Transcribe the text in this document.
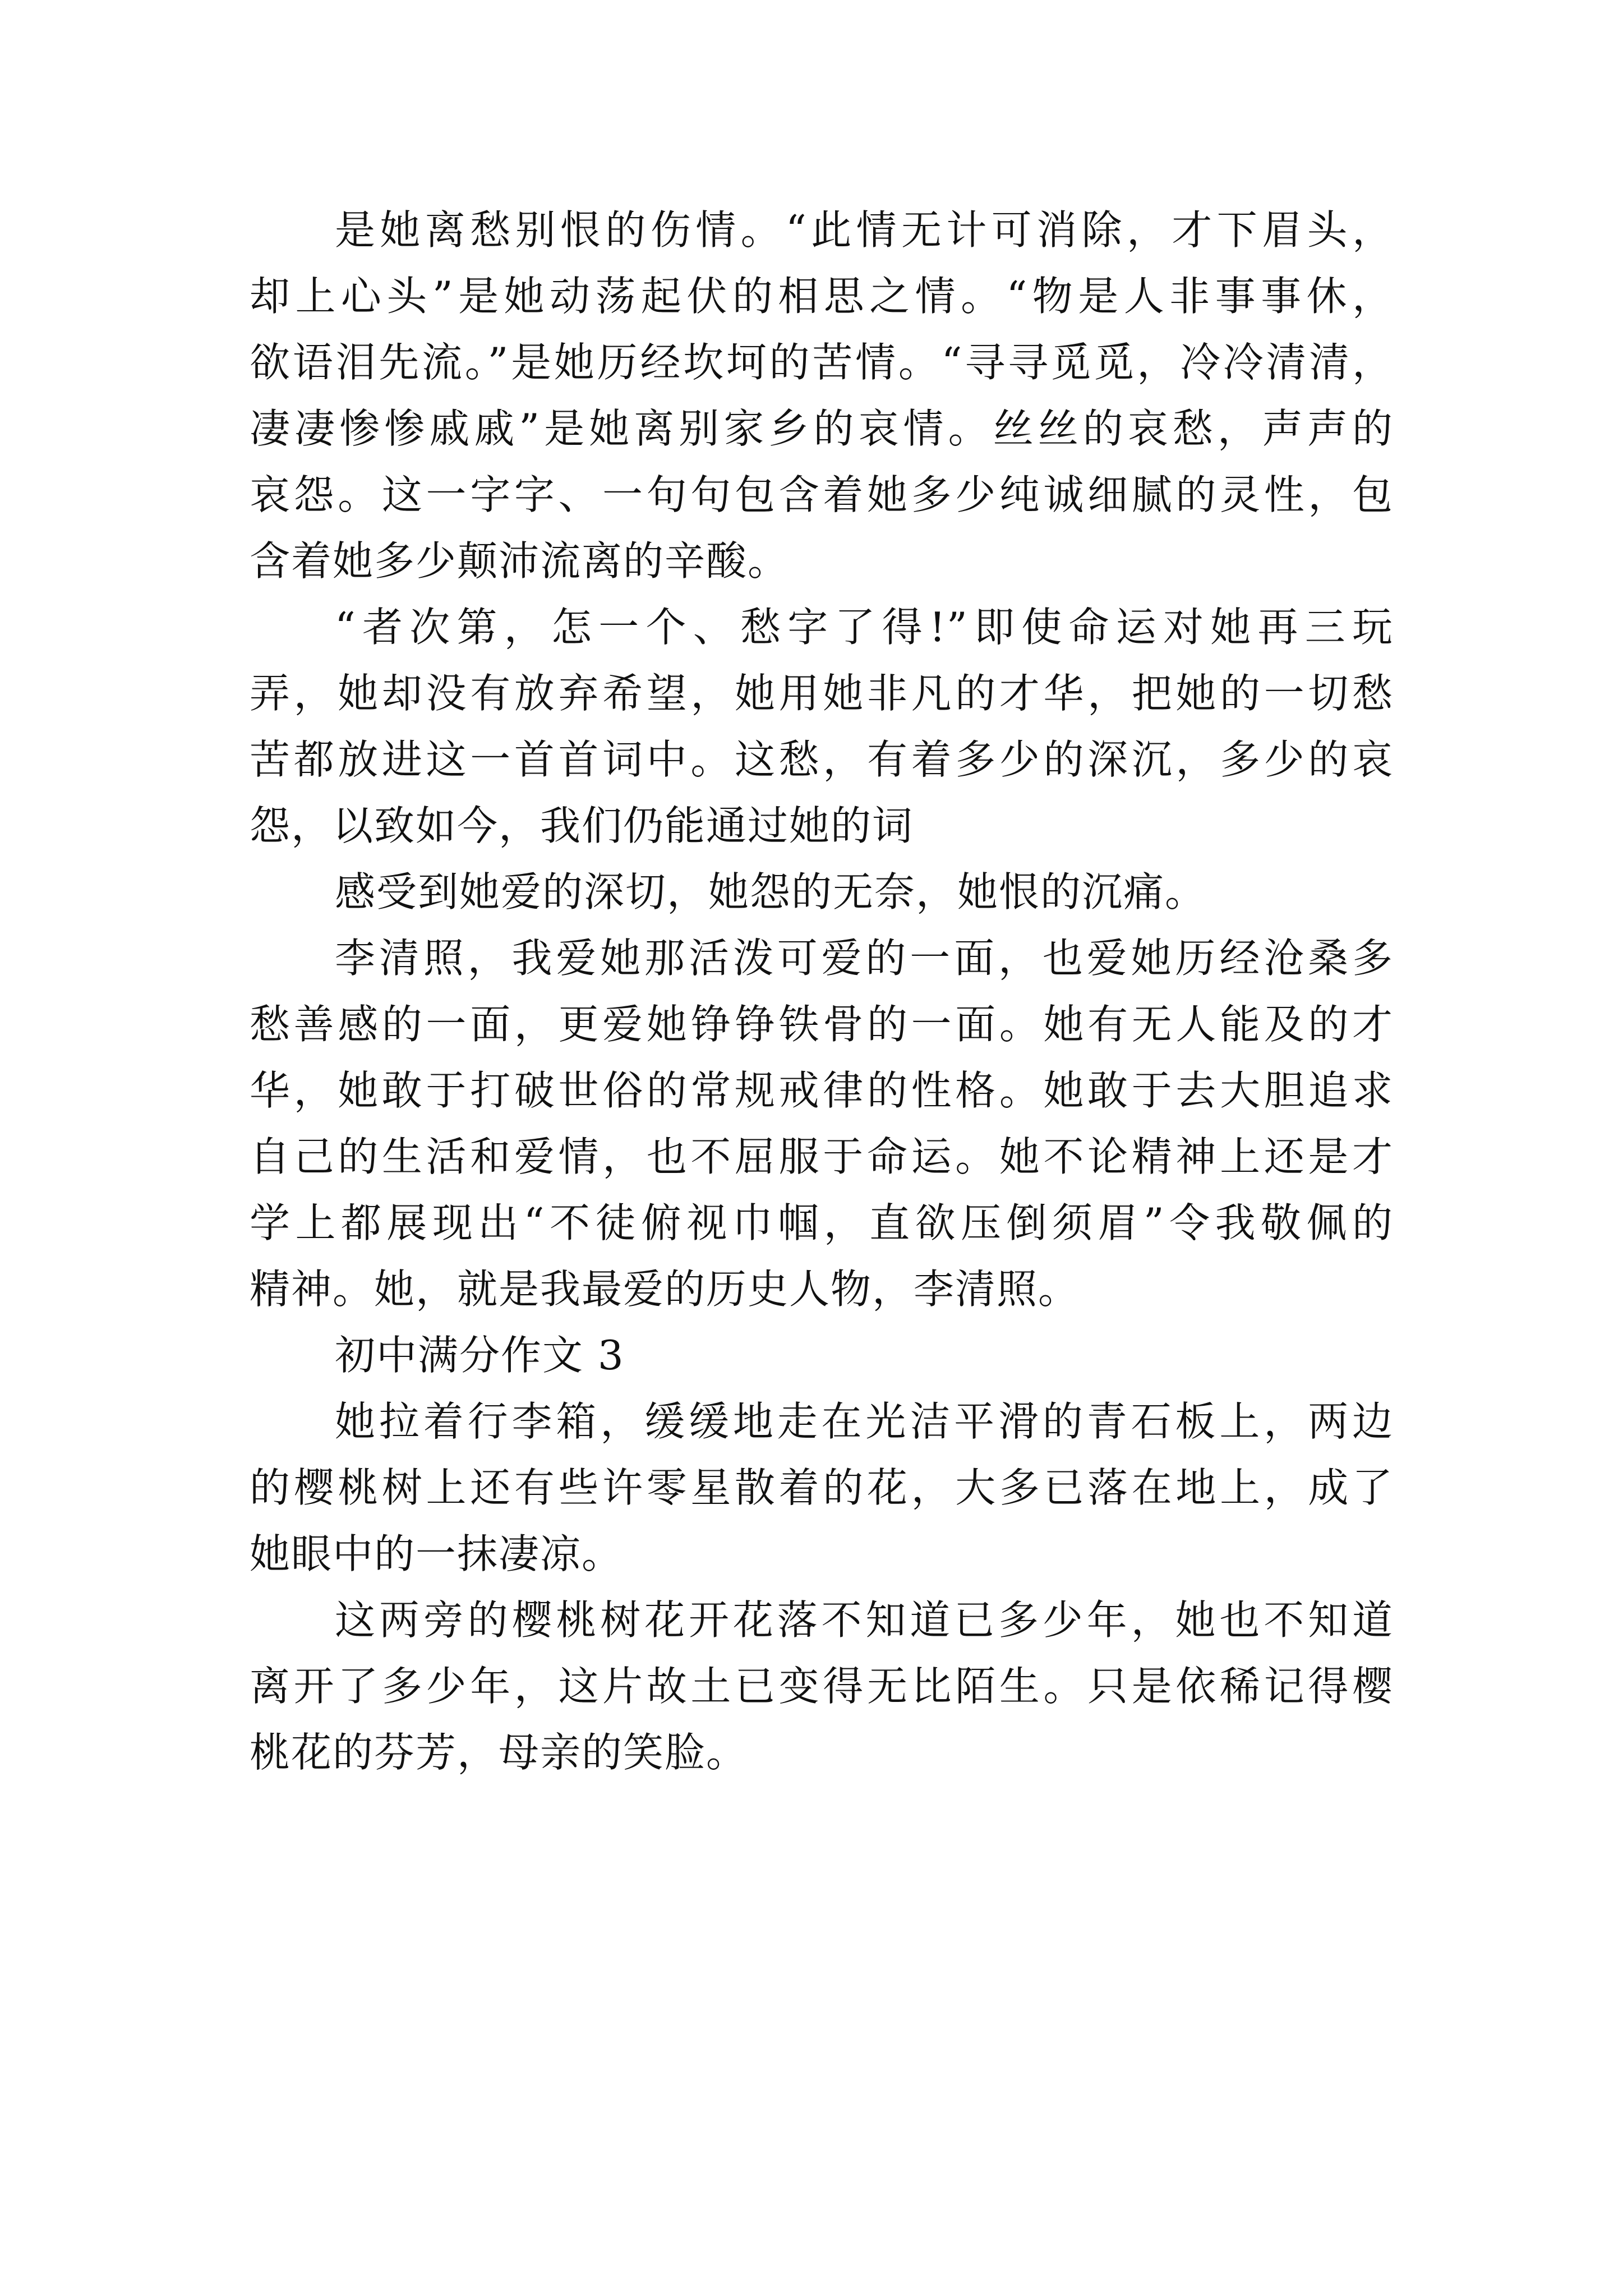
是她离愁别恨的伤情。“此情无计可消除，才下眉头，
却上心头”是她动荡起伏的相思之情。“物是人非事事休，
欲语泪先流。”是她历经坎坷的苦情。“寻寻觅觅，冷冷清清，
凄凄惨惨戚戚”是她离别家乡的哀情。丝丝的哀愁，声声的
哀怨。这一字字、一句句包含着她多少纯诚细腻的灵性，包
含着她多少颠沛流离的辛酸。
“者次第，怎一个、愁字了得!”即使命运对她再三玩
弄，她却没有放弃希望，她用她非凡的才华，把她的一切愁
苦都放进这一首首词中。这愁，有着多少的深沉，多少的哀
怨，以致如今，我们仍能通过她的词
感受到她爱的深切，她怨的无奈，她恨的沉痛。
李清照，我爱她那活泼可爱的一面，也爱她历经沧桑多
愁善感的一面，更爱她铮铮铁骨的一面。她有无人能及的才
华，她敢于打破世俗的常规戒律的性格。她敢于去大胆追求
自己的生活和爱情，也不屈服于命运。她不论精神上还是才
学上都展现出“不徒俯视巾帼，直欲压倒须眉”令我敬佩的
精神。她，就是我最爱的历史人物，李清照。
初中满分作文 3
她拉着行李箱，缓缓地走在光洁平滑的青石板上，两边
的樱桃树上还有些许零星散着的花，大多已落在地上，成了
她眼中的一抹凄凉。
这两旁的樱桃树花开花落不知道已多少年，她也不知道
离开了多少年，这片故土已变得无比陌生。只是依稀记得樱
桃花的芬芳，母亲的笑脸。
